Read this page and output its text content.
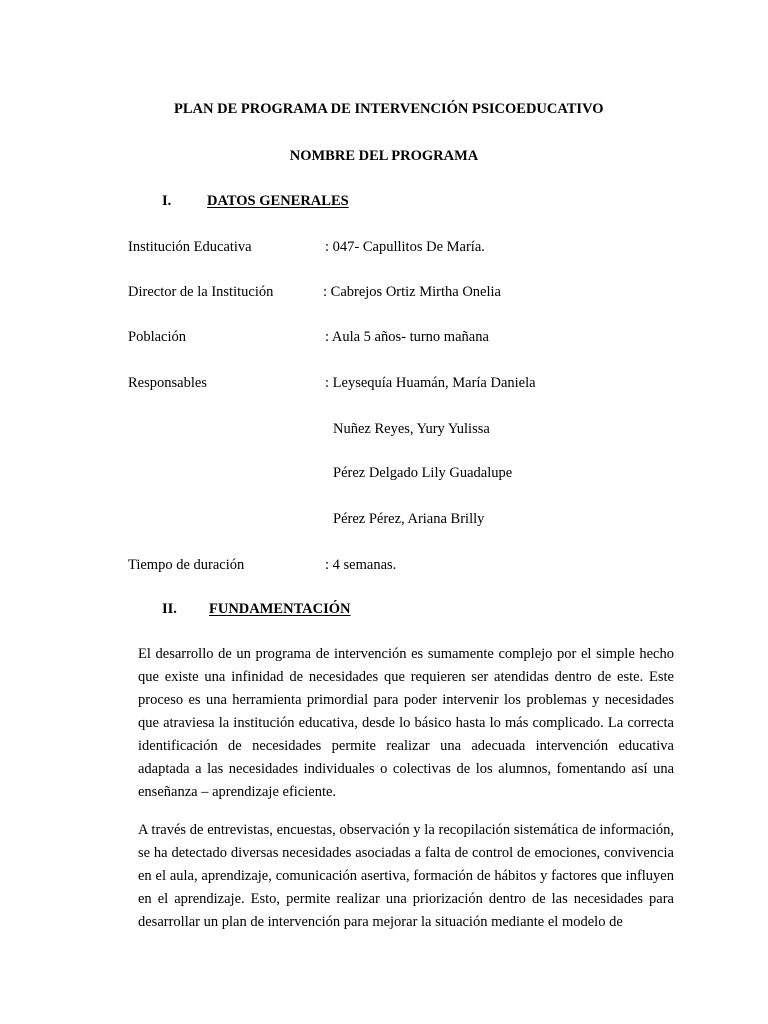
PLAN DE PROGRAMA DE INTERVENCIÓN PSICOEDUCATIVO
NOMBRE DEL PROGRAMA
I. DATOS GENERALES
Institución Educativa	: 047- Capullitos De María.
Director de la Institución	: Cabrejos Ortiz Mirtha Onelia
Población	: Aula 5 años- turno mañana
Responsables	: Leysequía Huamán, María Daniela
Nuñez Reyes, Yury Yulissa
Pérez Delgado Lily Guadalupe
Pérez Pérez, Ariana Brilly
Tiempo de duración	: 4 semanas.
II. FUNDAMENTACIÓN
El desarrollo de un programa de intervención es sumamente complejo por el simple hecho que existe una infinidad de necesidades que requieren ser atendidas dentro de este. Este proceso es una herramienta primordial para poder intervenir los problemas y necesidades que atraviesa la institución educativa, desde lo básico hasta lo más complicado. La correcta identificación de necesidades permite realizar una adecuada intervención educativa adaptada a las necesidades individuales o colectivas de los alumnos, fomentando así una enseñanza – aprendizaje eficiente.
A través de entrevistas, encuestas, observación y la recopilación sistemática de información, se ha detectado diversas necesidades asociadas a falta de control de emociones, convivencia en el aula, aprendizaje, comunicación asertiva, formación de hábitos y factores que influyen en el aprendizaje. Esto, permite realizar una priorización dentro de las necesidades para desarrollar un plan de intervención para mejorar la situación mediante el modelo de
